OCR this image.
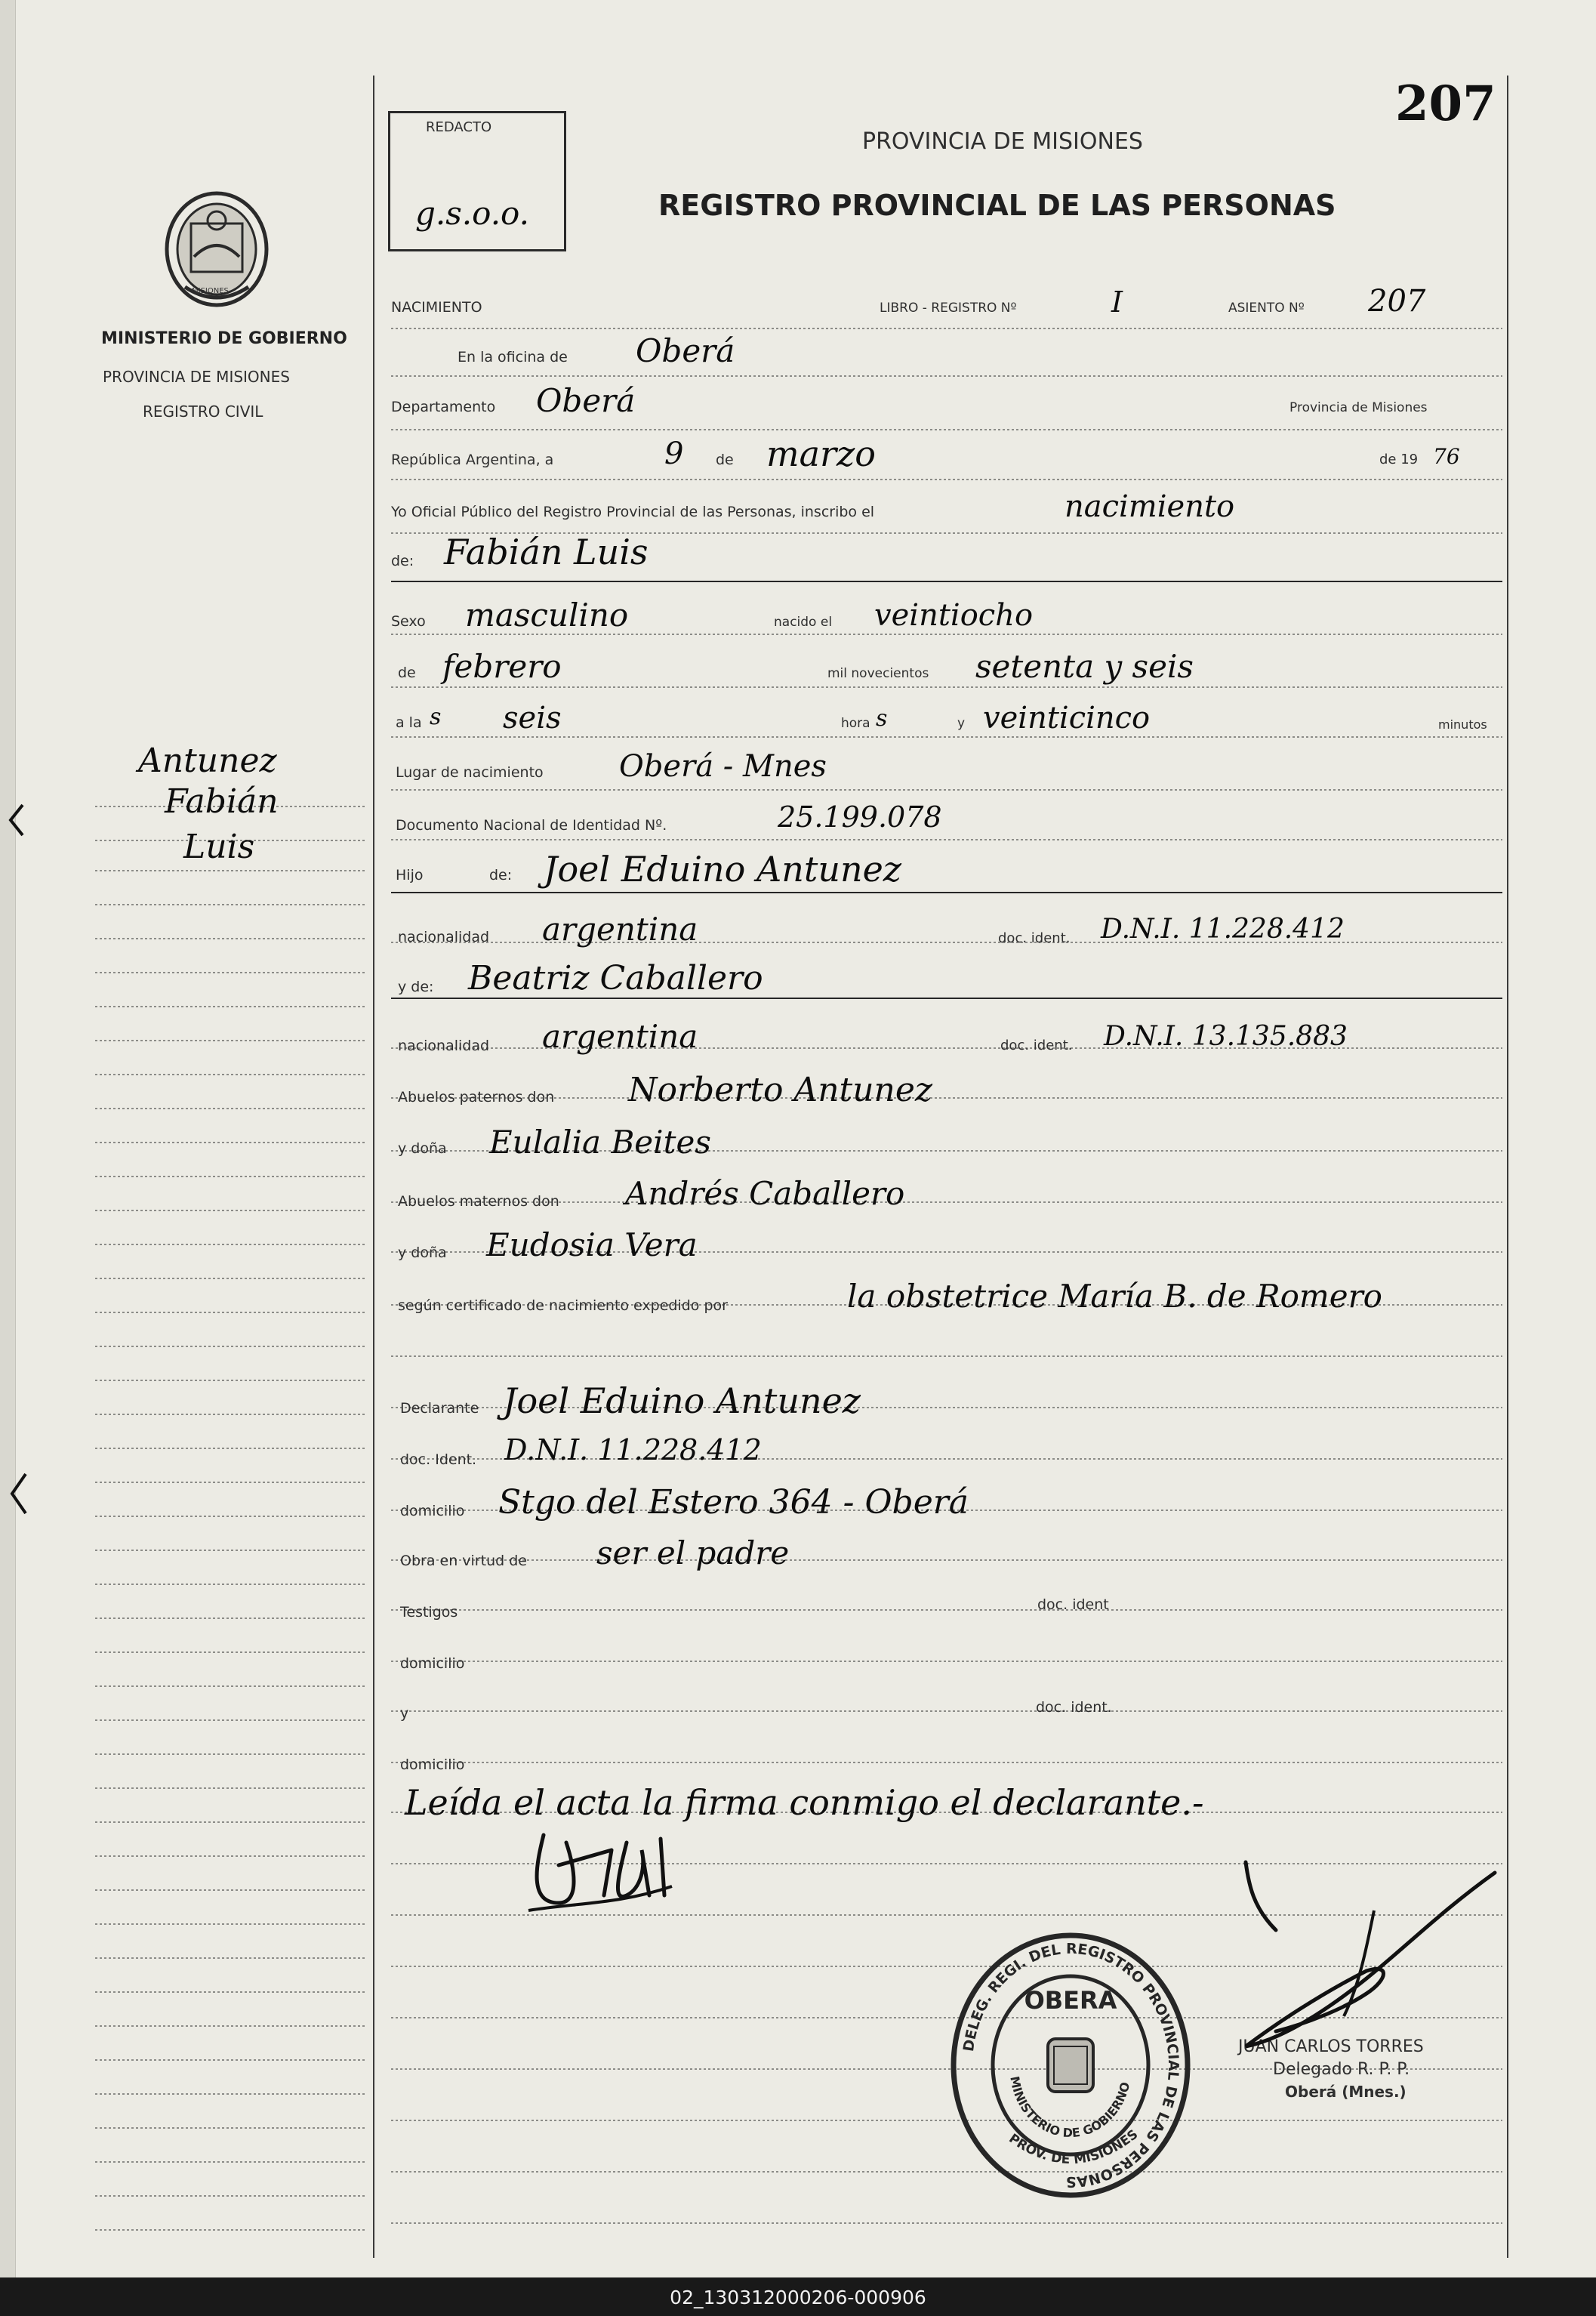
MISIONES
MINISTERIO DE GOBIERNO
PROVINCIA DE MISIONES
REGISTRO CIVIL
Antunez
Fabián
Luis
REDACTO
g.s.o.o.
207
PROVINCIA DE MISIONES
REGISTRO PROVINCIAL DE LAS PERSONAS
NACIMIENTO	LIBRO - REGISTRO Nº	I	ASIENTO Nº 207
En la oficina de Oberá
Departamento Oberá	Provincia de Misiones
República Argentina, a	9 de marzo	de 19 76
Yo Oficial Público del Registro Provincial de las Personas, inscribo el	nacimiento
de: Fabián Luis
Sexo masculino	nacido el veintiocho
de febrero	mil novecientos setenta y seis
a la s seis	hora s	y veinticinco	minutos
Lugar de nacimiento	Oberá - Mnes
Documento Nacional de Identidad Nº.	25.199.078
Hijo	de: Joel Eduino Antunez
nacionalidad argentina	doc. ident. D.N.I. 11.228.412
y de: Beatriz Caballero
nacionalidad argentina	doc. ident. D.N.I. 13.135.883
Abuelos paternos don Norberto Antunez
y doña Eulalia Beites
Abuelos maternos don Andrés Caballero
y doña Eudosia Vera
según certificado de nacimiento expedido por	la obstetrice María B. de Romero
Declarante Joel Eduino Antunez
doc. Ident. D.N.I. 11.228.412
domicilio Stgo del Estero 364 - Oberá
Obra en virtud de ser el padre
Testigos	doc. ident
domicilio
y	doc. ident.
domicilio
Leída el acta la firma conmigo el declarante.-
DELEG. REGI. DEL REGISTRO PROVINCIAL DE LAS PERSONAS
OBERA
MINISTERIO DE GOBIERNO
PROV. DE MISIONES
JUAN CARLOS TORRES
Delegado R. P. P.
Oberá (Mnes.)
02_130312000206-000906
